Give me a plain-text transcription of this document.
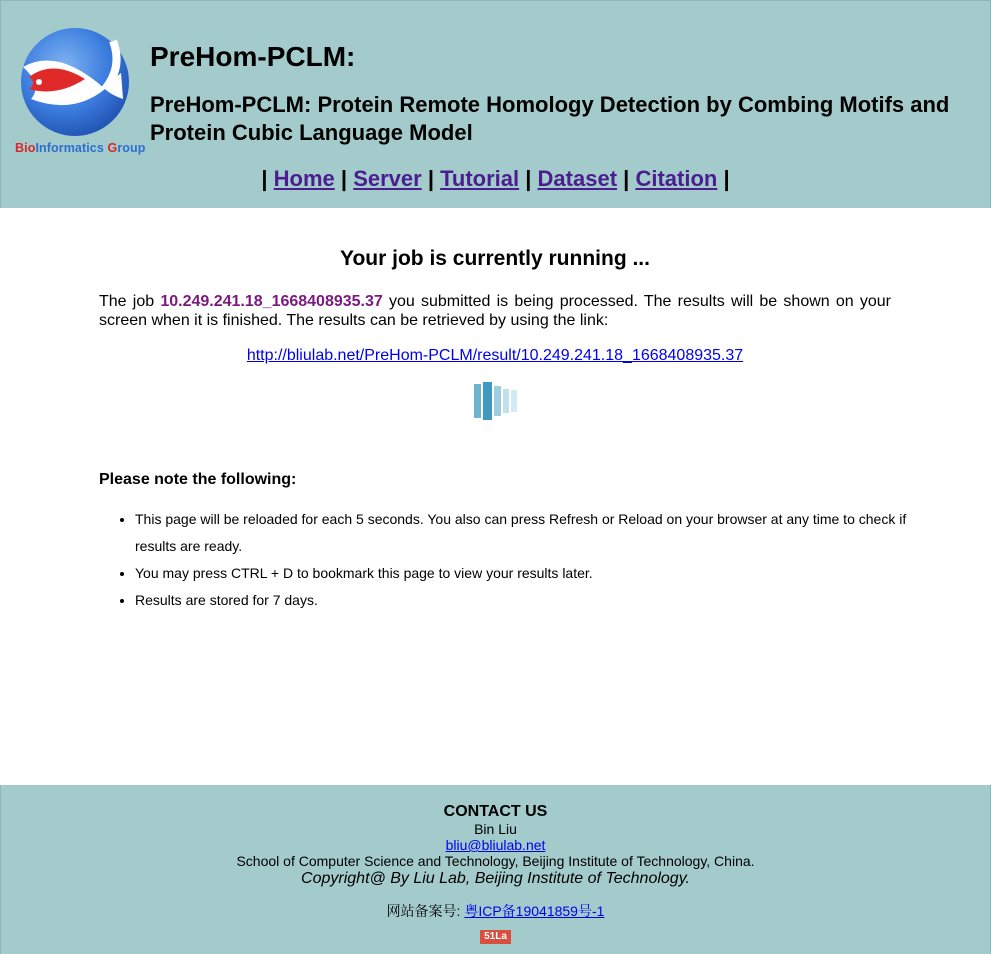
BioInformatics Group
PreHom-PCLM:
PreHom-PCLM: Protein Remote Homology Detection by Combing Motifs and Protein Cubic Language Model
| Home | Server | Tutorial | Dataset | Citation |
Your job is currently running ...

The job 10.249.241.18_1668408935.37 you submitted is being processed. The results will be shown on your screen when it is finished. The results can be retrieved by using the link:

http://bliulab.net/PreHom-PCLM/result/10.249.241.18_1668408935.37
Please note the following:
• This page will be reloaded for each 5 seconds. You also can press Refresh or Reload on your browser at any time to check if results are ready.
• You may press CTRL + D to bookmark this page to view your results later.
• Results are stored for 7 days.
CONTACT US
Bin Liu
bliu@bliulab.net
School of Computer Science and Technology, Beijing Institute of Technology, China.
Copyright@ By Liu Lab, Beijing Institute of Technology.
网站备案号: 粤ICP备19041859号-1
51La
